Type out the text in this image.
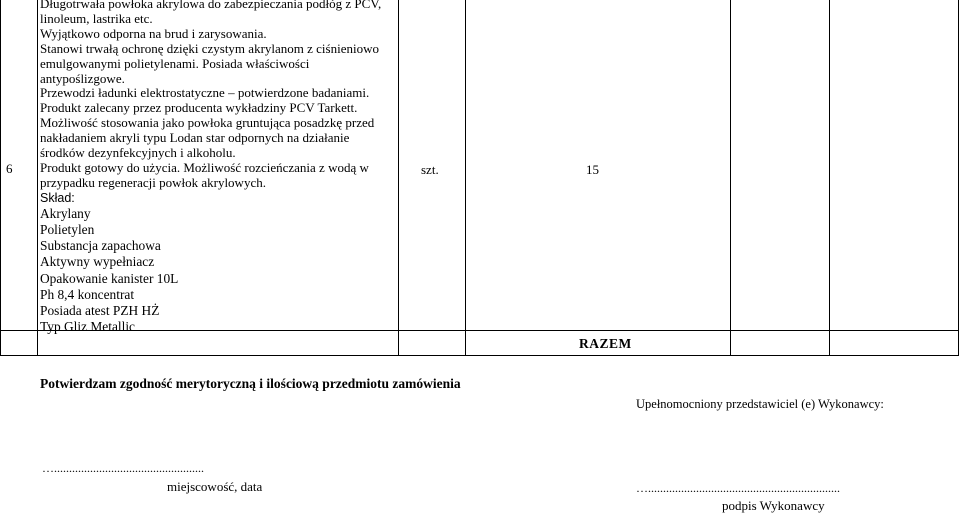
6
Długotrwała powłoka akrylowa do zabezpieczania podłóg z PCV,
linoleum, lastrika etc.
Wyjątkowo odporna na brud i zarysowania.
Stanowi trwałą ochronę dzięki czystym akrylanom z ciśnieniowo
emulgowanymi polietylenami. Posiada właściwości
antypoślizgowe.
Przewodzi ładunki elektrostatyczne – potwierdzone badaniami.
Produkt zalecany przez producenta wykładziny PCV Tarkett.
Możliwość stosowania jako powłoka gruntująca posadzkę przed
nakładaniem akryli typu Lodan star odpornych na działanie
środków dezynfekcyjnych i alkoholu.
Produkt gotowy do użycia. Możliwość rozcieńczania z wodą w
przypadku regeneracji powłok akrylowych.
Skład:
Akrylany
Polietylen
Substancja zapachowa
Aktywny wypełniacz
Opakowanie kanister 10L
Ph 8,4 koncentrat
Posiada atest PZH HŻ
Typ Gliz Metallic
szt.	15
RAZEM
Potwierdzam zgodność merytoryczną i ilościową przedmiotu zamówienia
Upełnomocniony przedstawiciel (e) Wykonawcy:
…..................................................
miejscowość, data	…................................................................
podpis Wykonawcy
